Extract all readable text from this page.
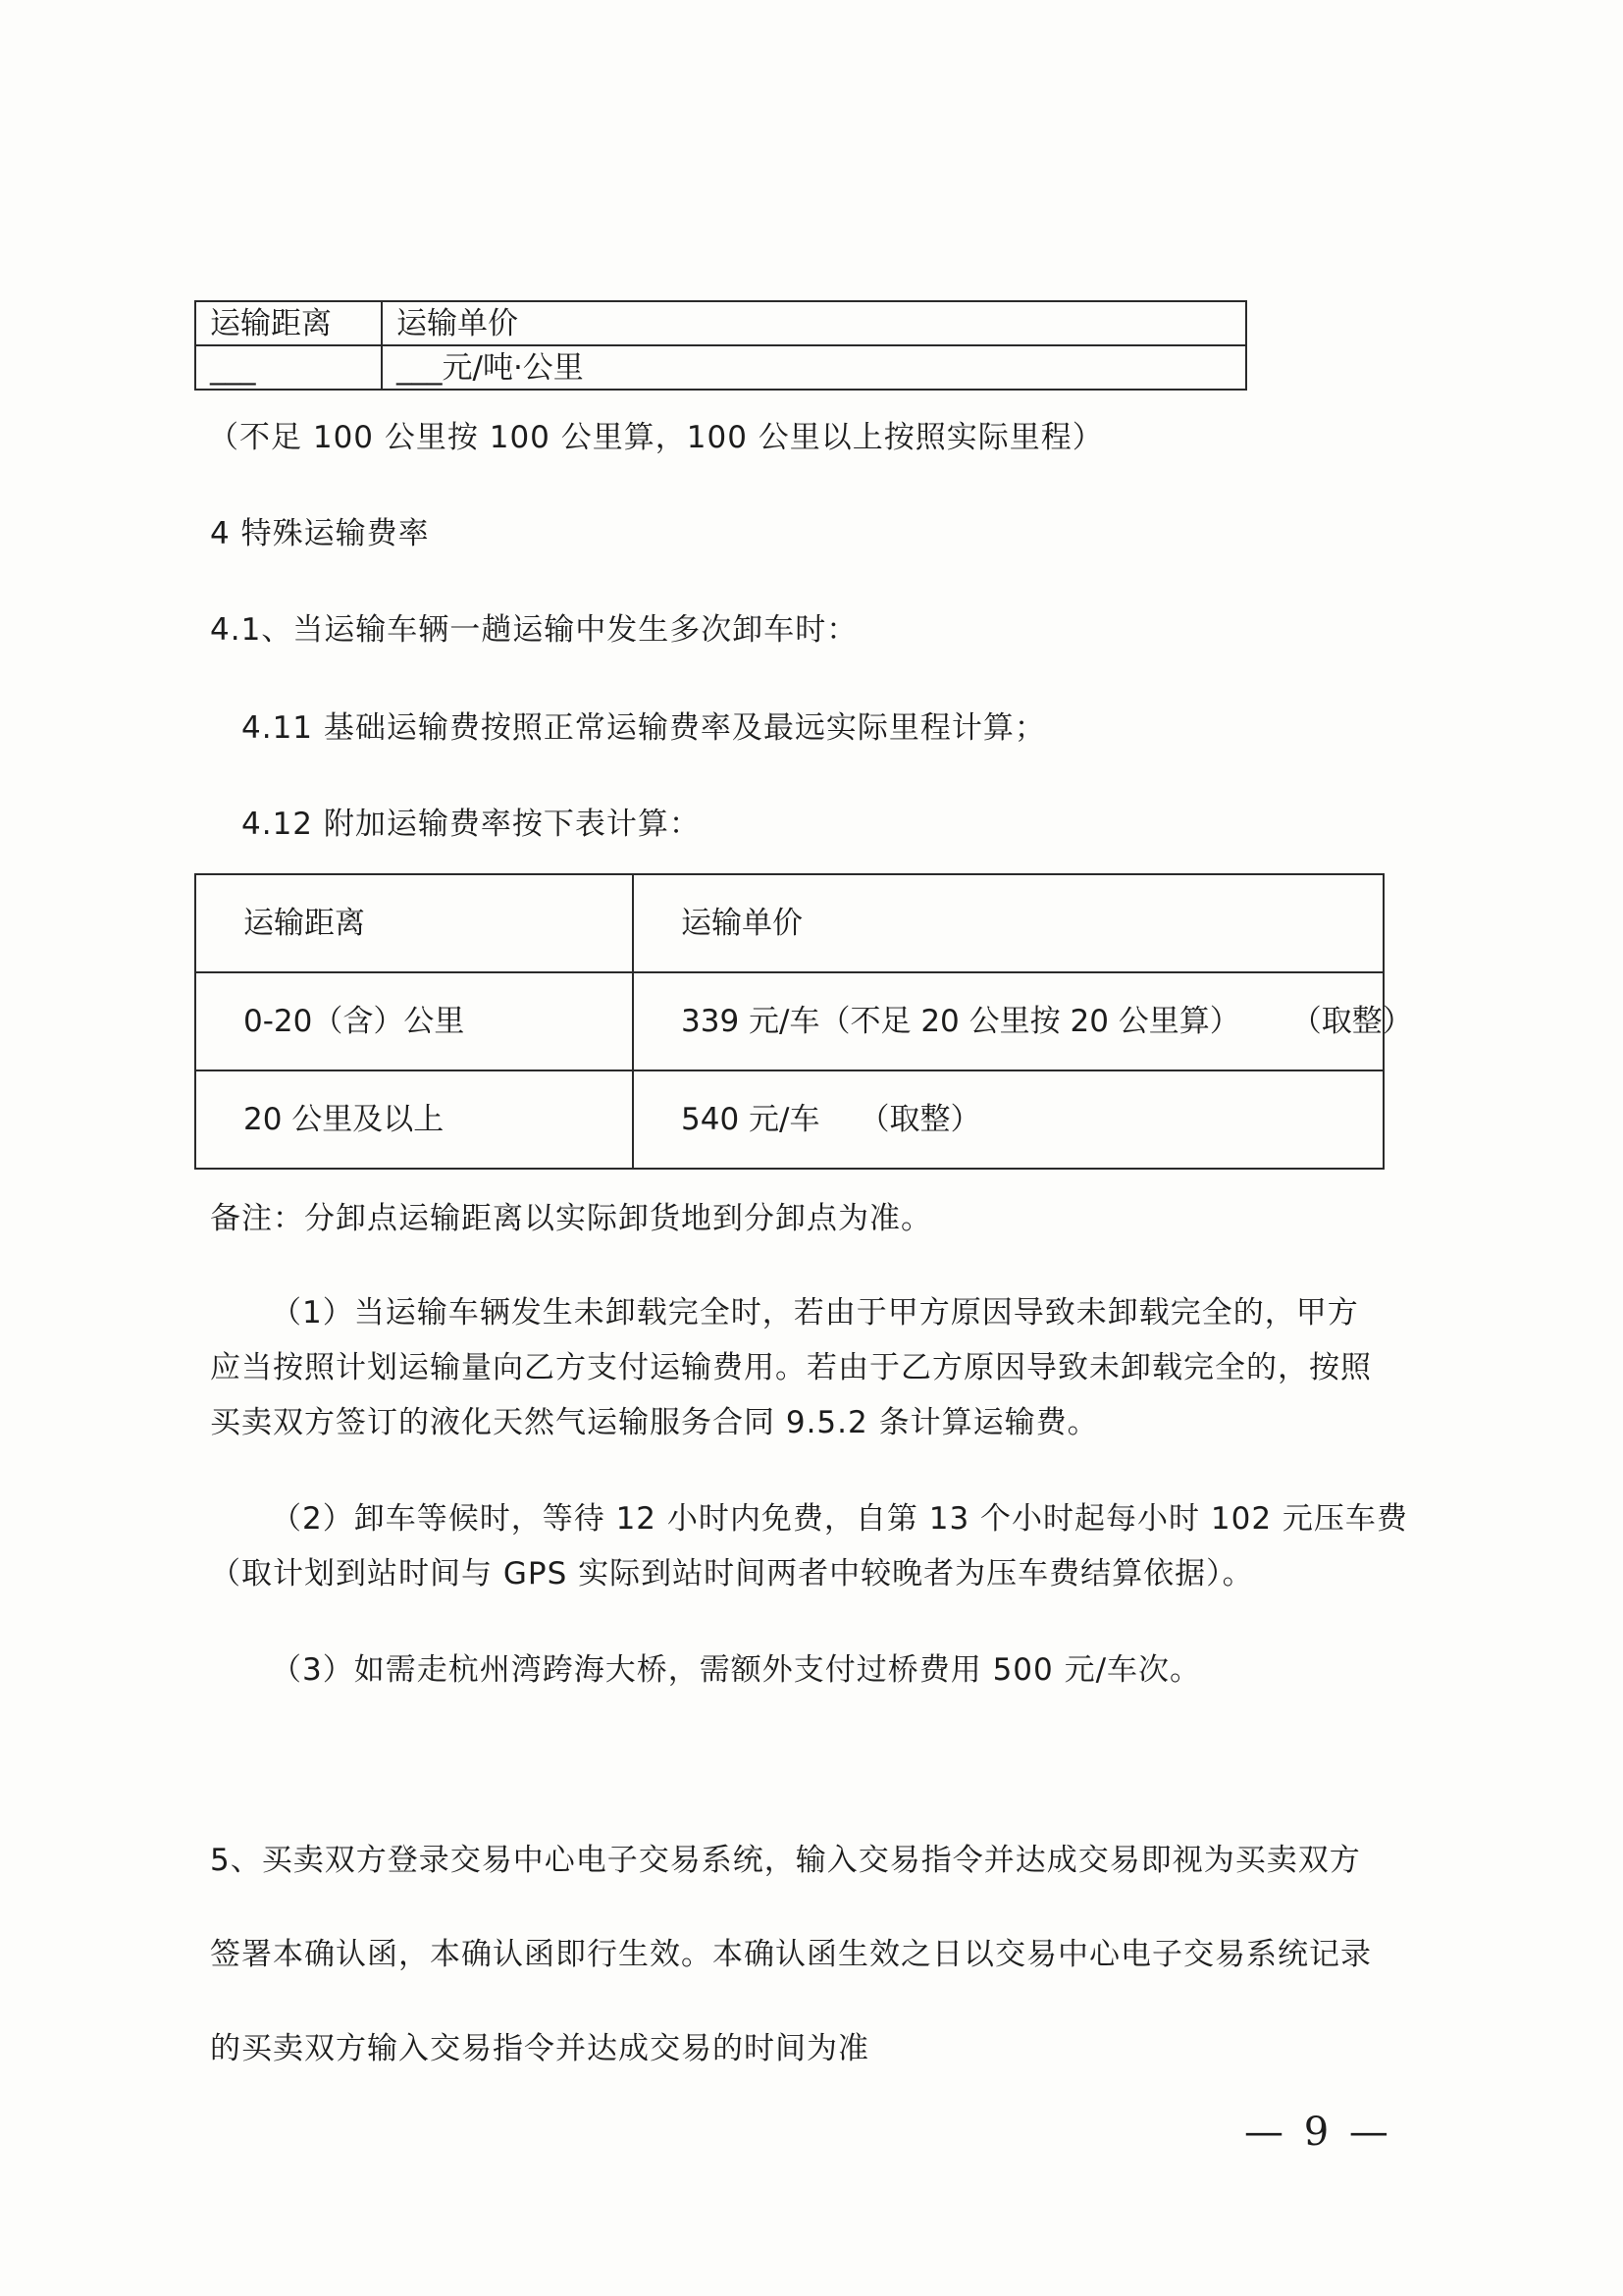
运输距离	运输单价
___	___元/吨·公里
（不足 100 公里按 100 公里算，100 公里以上按照实际里程）
4 特殊运输费率
4.1、当运输车辆一趟运输中发生多次卸车时：
4.11 基础运输费按照正常运输费率及最远实际里程计算；
4.12 附加运输费率按下表计算：
运输距离	运输单价
0-20（含）公里	339 元/车（不足 20 公里按 20 公里算） （取整）
20 公里及以上	540 元/车 （取整）
备注：分卸点运输距离以实际卸货地到分卸点为准。
（1）当运输车辆发生未卸载完全时，若由于甲方原因导致未卸载完全的，甲方
应当按照计划运输量向乙方支付运输费用。若由于乙方原因导致未卸载完全的，按照
买卖双方签订的液化天然气运输服务合同 9.5.2 条计算运输费。
（2）卸车等候时，等待 12 小时内免费，自第 13 个小时起每小时 102 元压车费
（取计划到站时间与 GPS 实际到站时间两者中较晚者为压车费结算依据）。
（3）如需走杭州湾跨海大桥，需额外支付过桥费用 500 元/车次。
5、买卖双方登录交易中心电子交易系统，输入交易指令并达成交易即视为买卖双方
签署本确认函，本确认函即行生效。本确认函生效之日以交易中心电子交易系统记录
的买卖双方输入交易指令并达成交易的时间为准
— 9 —
